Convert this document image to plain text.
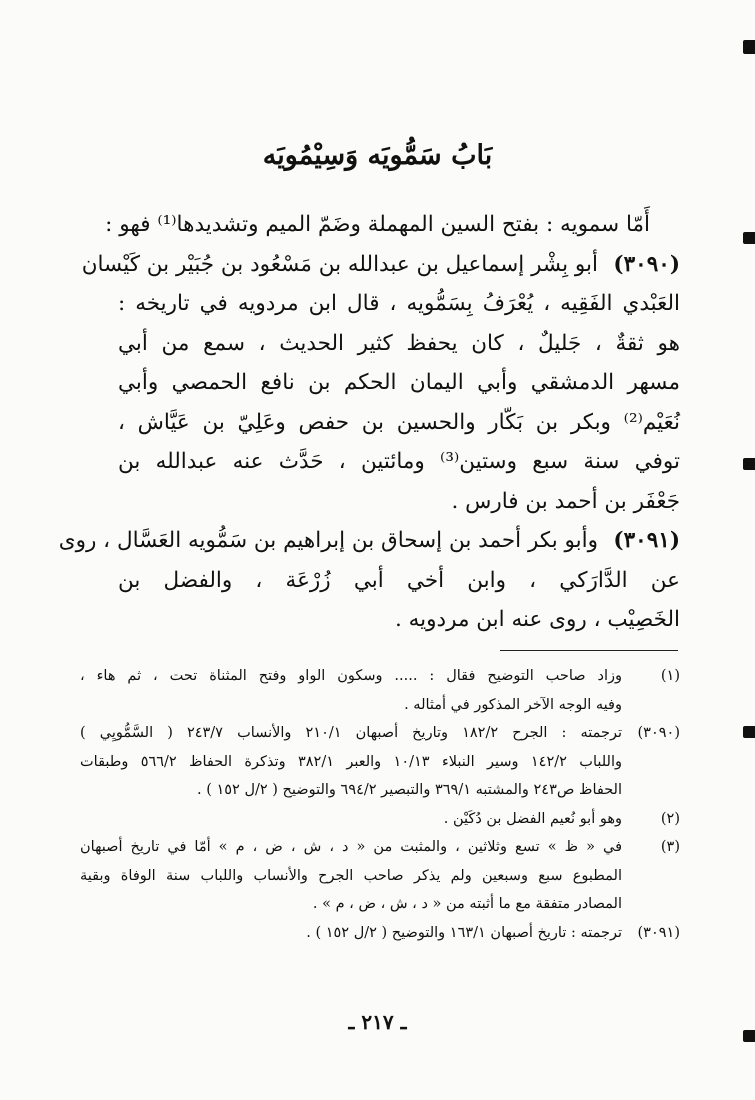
بَابُ سَمُّويَه وَسِيْمُويَه
أَمّا سمويه : بفتح السين المهملة وضَمّ الميم وتشديدها⁽¹⁾ فهو :
(٣٠٩٠)
أبو بِشْر إسماعيل بن عبدالله بن مَسْعُود بن جُبَيْر بن كَيْسان
العَبْدي الفَقِيه ، يُعْرَفُ بِسَمُّويه ، قال ابن مردويه في تاريخه :
هو ثقةٌ ، جَليلٌ ، كان يحفظ كثير الحديث ، سمع من أبي
مسهر الدمشقي وأبي اليمان الحكم بن نافع الحمصي وأبي
نُعَيْم⁽²⁾ وبكر بن بَكّار والحسين بن حفص وعَلِيّ بن عَيَّاش ،
توفي سنة سبع وستين⁽³⁾ ومائتين ، حَدَّث عنه عبدالله بن
جَعْفَر بن أحمد بن فارس .
(٣٠٩١)
وأبو بكر أحمد بن إسحاق بن إبراهيم بن سَمُّويه العَسَّال ، روى
عن الدَّارَكي ، وابن أخي أبي زُرْعَة ، والفضل بن
الخَصِيْب ، روى عنه ابن مردويه .
(١)
وزاد صاحب التوضيح فقال : ..... وسكون الواو وفتح المثناة تحت ، ثم هاء ،
وفيه الوجه الآخر المذكور في أمثاله .
(٣٠٩٠)
ترجمته : الجرح ١٨٢/٢ وتاريخ أصبهان ٢١٠/١ والأنساب ٢٤٣/٧ ( السَّمُّويِي )
واللباب ١٤٢/٢ وسير النبلاء ١٠/١٣ والعبر ٣٨٢/١ وتذكرة الحفاظ ٥٦٦/٢ وطبقات
الحفاظ ص٢٤٣ والمشتبه ٣٦٩/١ والتبصير ٦٩٤/٢ والتوضيح ( ٢/ل ١٥٢ ) .
(٢)
وهو أبو نُعيم الفضل بن دُكَيْن .
(٣)
في « ظ » تسع وثلاثين ، والمثبت من « د ، ش ، ض ، م » أمّا في تاريخ أصبهان
المطبوع سبع وسبعين ولم يذكر صاحب الجرح والأنساب واللباب سنة الوفاة وبقية
المصادر متفقة مع ما أثبته من « د ، ش ، ض ، م » .
(٣٠٩١)
ترجمته : تاريخ أصبهان ١٦٣/١ والتوضيح ( ٢/ل ١٥٢ ) .
ـ ٢١٧ ـ
